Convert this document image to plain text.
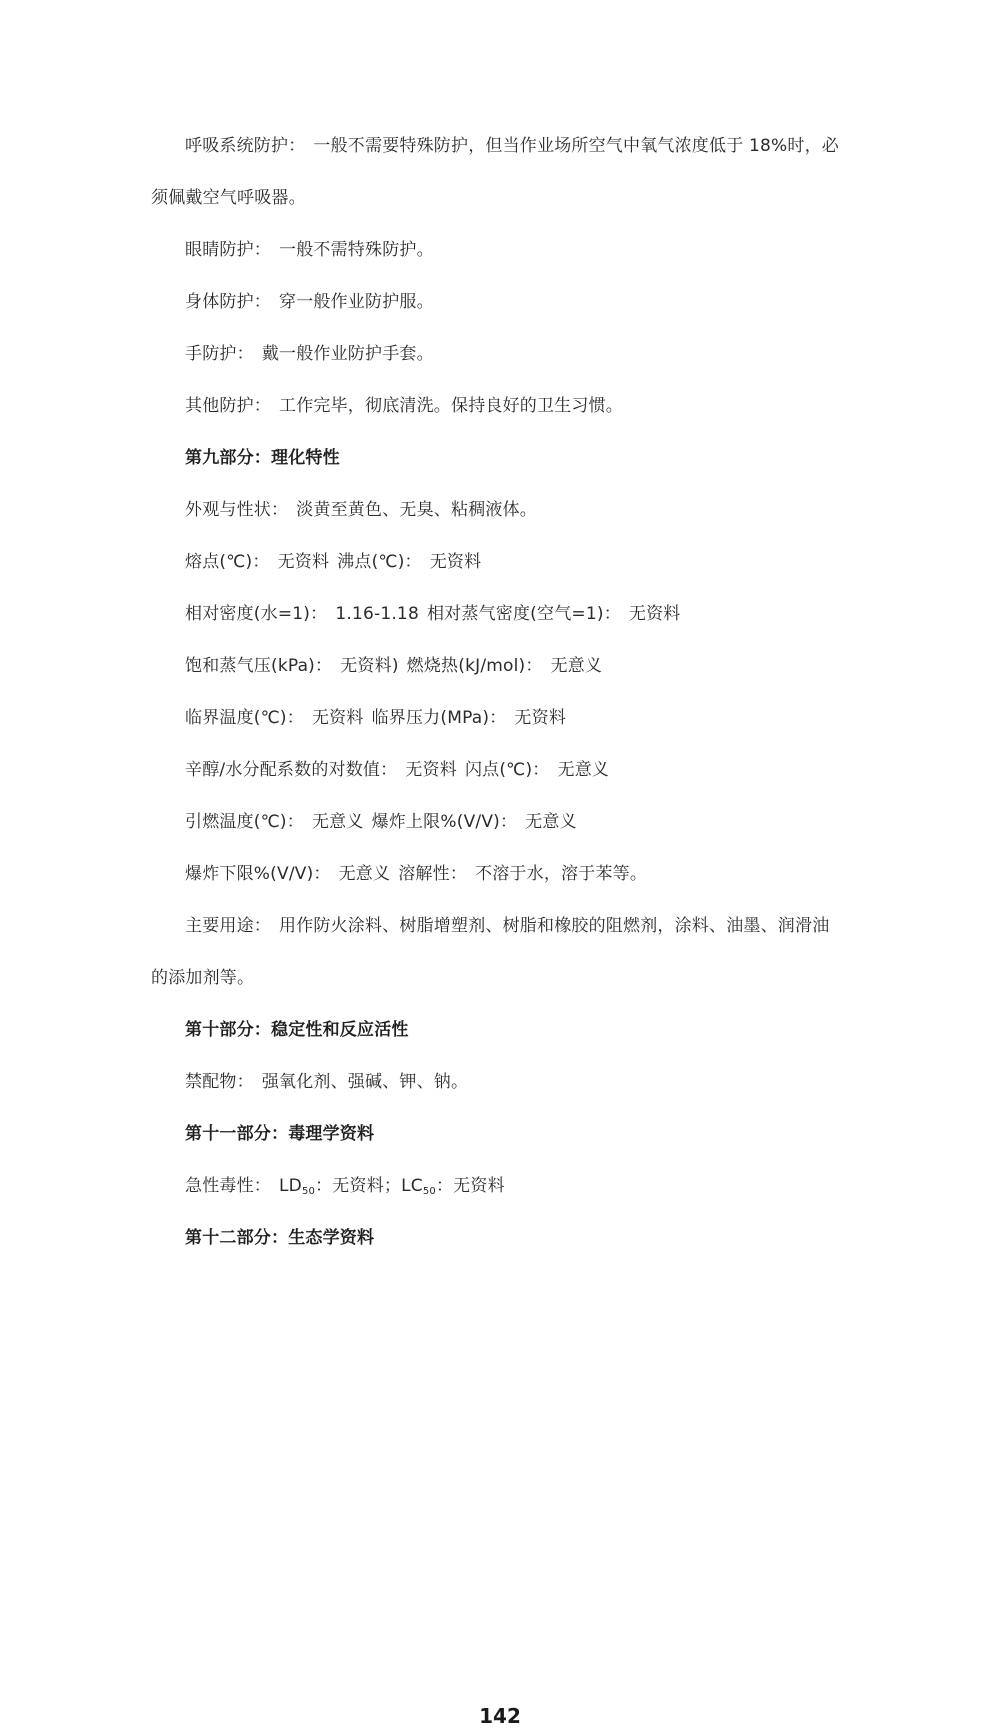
呼吸系统防护： 一般不需要特殊防护，但当作业场所空气中氧气浓度低于 18%时，必
须佩戴空气呼吸器。
眼睛防护： 一般不需特殊防护。
身体防护： 穿一般作业防护服。
手防护： 戴一般作业防护手套。
其他防护： 工作完毕，彻底清洗。保持良好的卫生习惯。
第九部分：理化特性
外观与性状： 淡黄至黄色、无臭、粘稠液体。
熔点(℃)： 无资料 沸点(℃)： 无资料
相对密度(水=1)： 1.16-1.18 相对蒸气密度(空气=1)： 无资料
饱和蒸气压(kPa)： 无资料) 燃烧热(kJ/mol)： 无意义
临界温度(℃)： 无资料 临界压力(MPa)： 无资料
辛醇/水分配系数的对数值： 无资料 闪点(℃)： 无意义
引燃温度(℃)： 无意义 爆炸上限%(V/V)： 无意义
爆炸下限%(V/V)： 无意义 溶解性： 不溶于水，溶于苯等。
主要用途： 用作防火涂料、树脂增塑剂、树脂和橡胶的阻燃剂，涂料、油墨、润滑油
的添加剂等。
第十部分：稳定性和反应活性
禁配物： 强氧化剂、强碱、钾、钠。
第十一部分：毒理学资料
急性毒性： $LD_{50}$：无资料；$LC_{50}$：无资料
第十二部分：生态学资料
142
